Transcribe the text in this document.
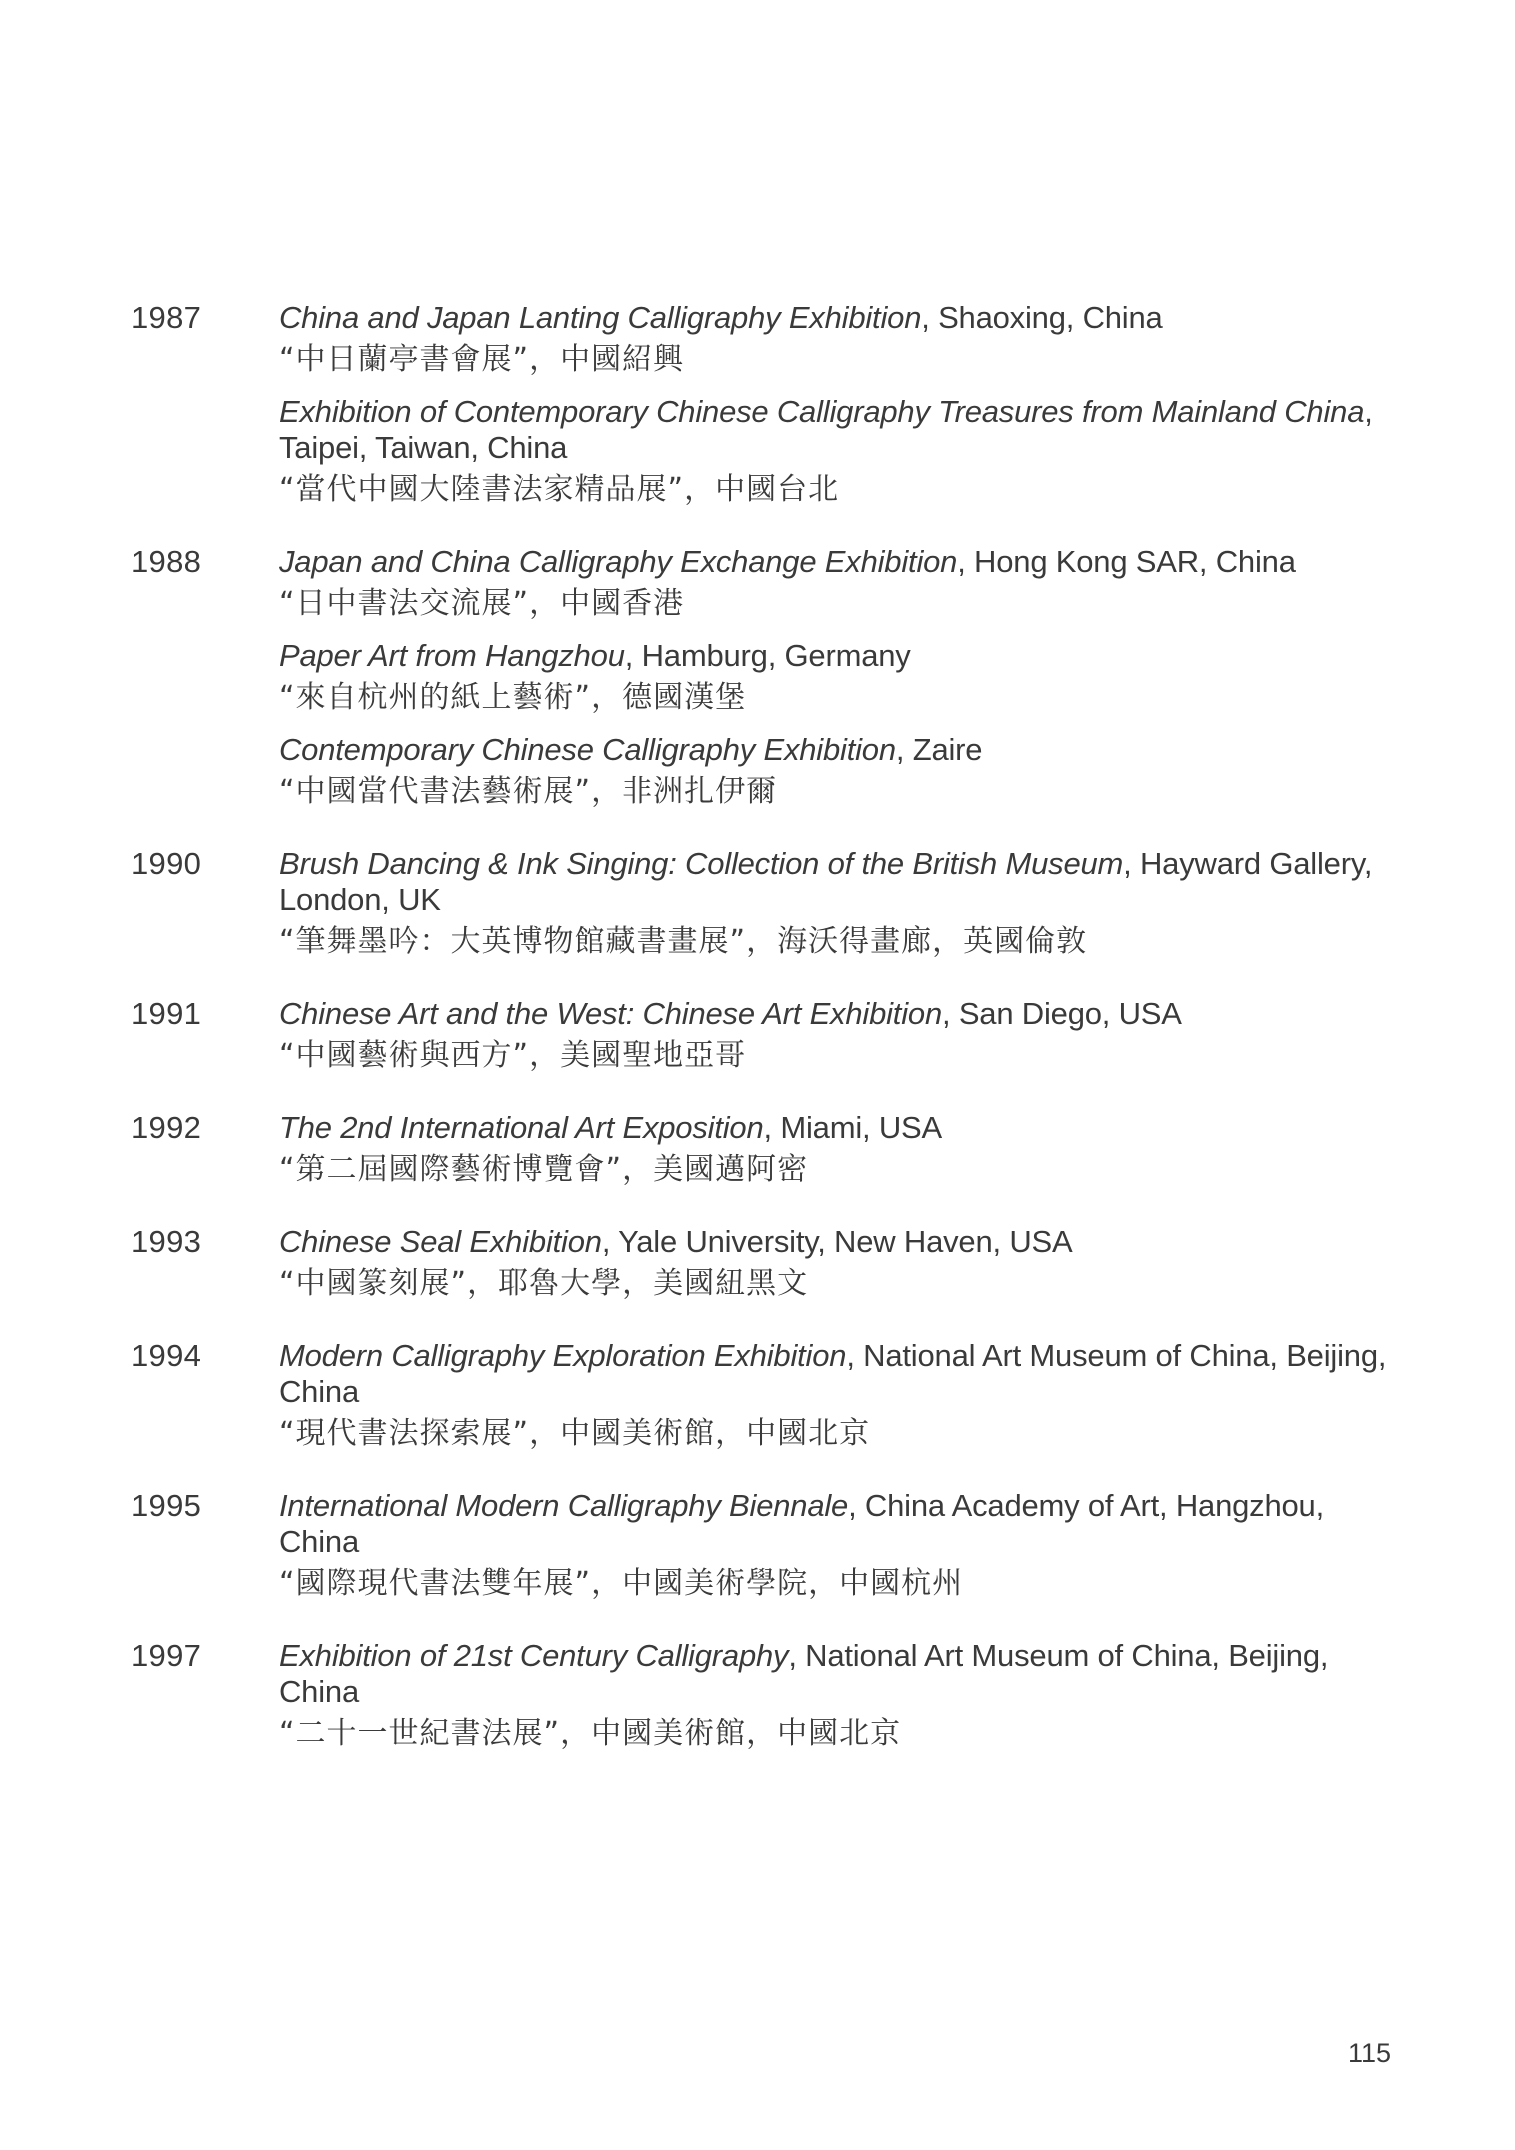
1987	China and Japan Lanting Calligraphy Exhibition, Shaoxing, China
“中日蘭亭書會展”，中國紹興
Exhibition of Contemporary Chinese Calligraphy Treasures from Mainland China, Taipei, Taiwan, China
“當代中國大陸書法家精品展”，中國台北
1988	Japan and China Calligraphy Exchange Exhibition, Hong Kong SAR, China
“日中書法交流展”，中國香港
Paper Art from Hangzhou, Hamburg, Germany
“來自杭州的紙上藝術”，德國漢堡
Contemporary Chinese Calligraphy Exhibition, Zaire
“中國當代書法藝術展”，非洲扎伊爾
1990	Brush Dancing & Ink Singing: Collection of the British Museum, Hayward Gallery, London, UK
“筆舞墨吟：大英博物館藏書畫展”，海沃得畫廊，英國倫敦
1991	Chinese Art and the West: Chinese Art Exhibition, San Diego, USA
“中國藝術與西方”，美國聖地亞哥
1992	The 2nd International Art Exposition, Miami, USA
“第二屆國際藝術博覽會”，美國邁阿密
1993	Chinese Seal Exhibition, Yale University, New Haven, USA
“中國篆刻展”，耶魯大學，美國紐黑文
1994	Modern Calligraphy Exploration Exhibition, National Art Museum of China, Beijing, China
“現代書法探索展”，中國美術館，中國北京
1995	International Modern Calligraphy Biennale, China Academy of Art, Hangzhou, China
“國際現代書法雙年展”，中國美術學院，中國杭州
1997	Exhibition of 21st Century Calligraphy, National Art Museum of China, Beijing, China
“二十一世紀書法展”，中國美術館，中國北京
115
